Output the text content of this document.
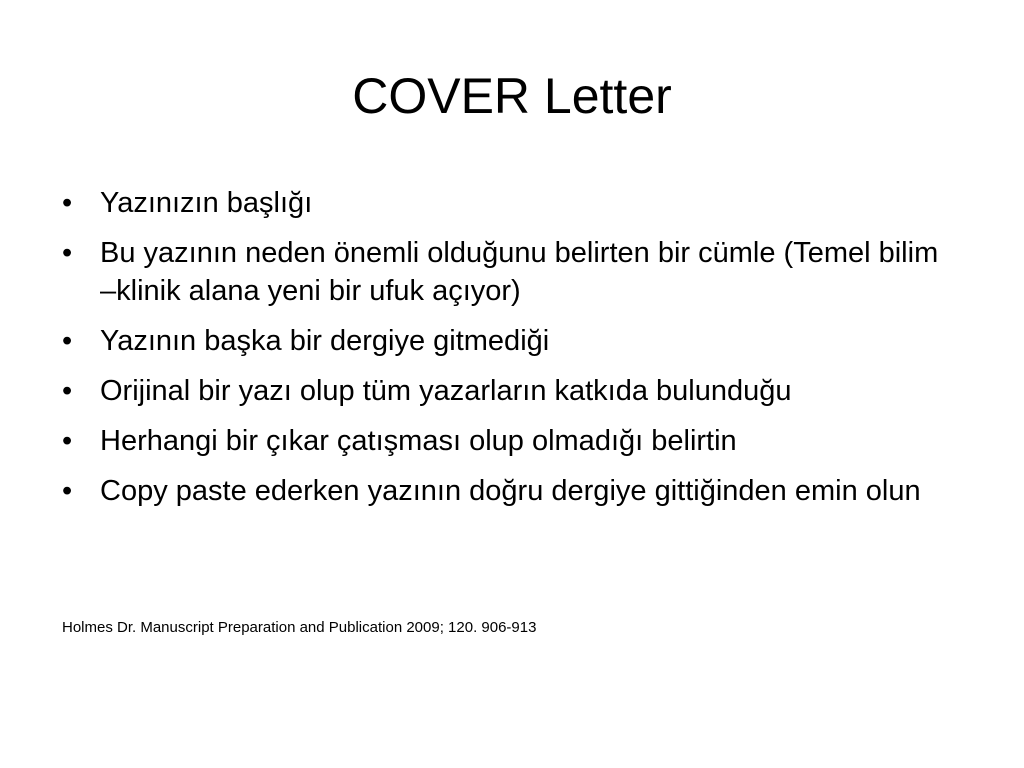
COVER Letter
• Yazınızın başlığı
• Bu yazının neden önemli olduğunu belirten bir cümle (Temel bilim –klinik alana yeni bir ufuk açıyor)
• Yazının başka bir dergiye gitmediği
• Orijinal bir yazı olup tüm yazarların katkıda bulunduğu
• Herhangi bir çıkar çatışması olup olmadığı belirtin
• Copy paste ederken yazının doğru dergiye gittiğinden emin olun

Holmes Dr. Manuscript Preparation and Publication 2009; 120. 906-913
